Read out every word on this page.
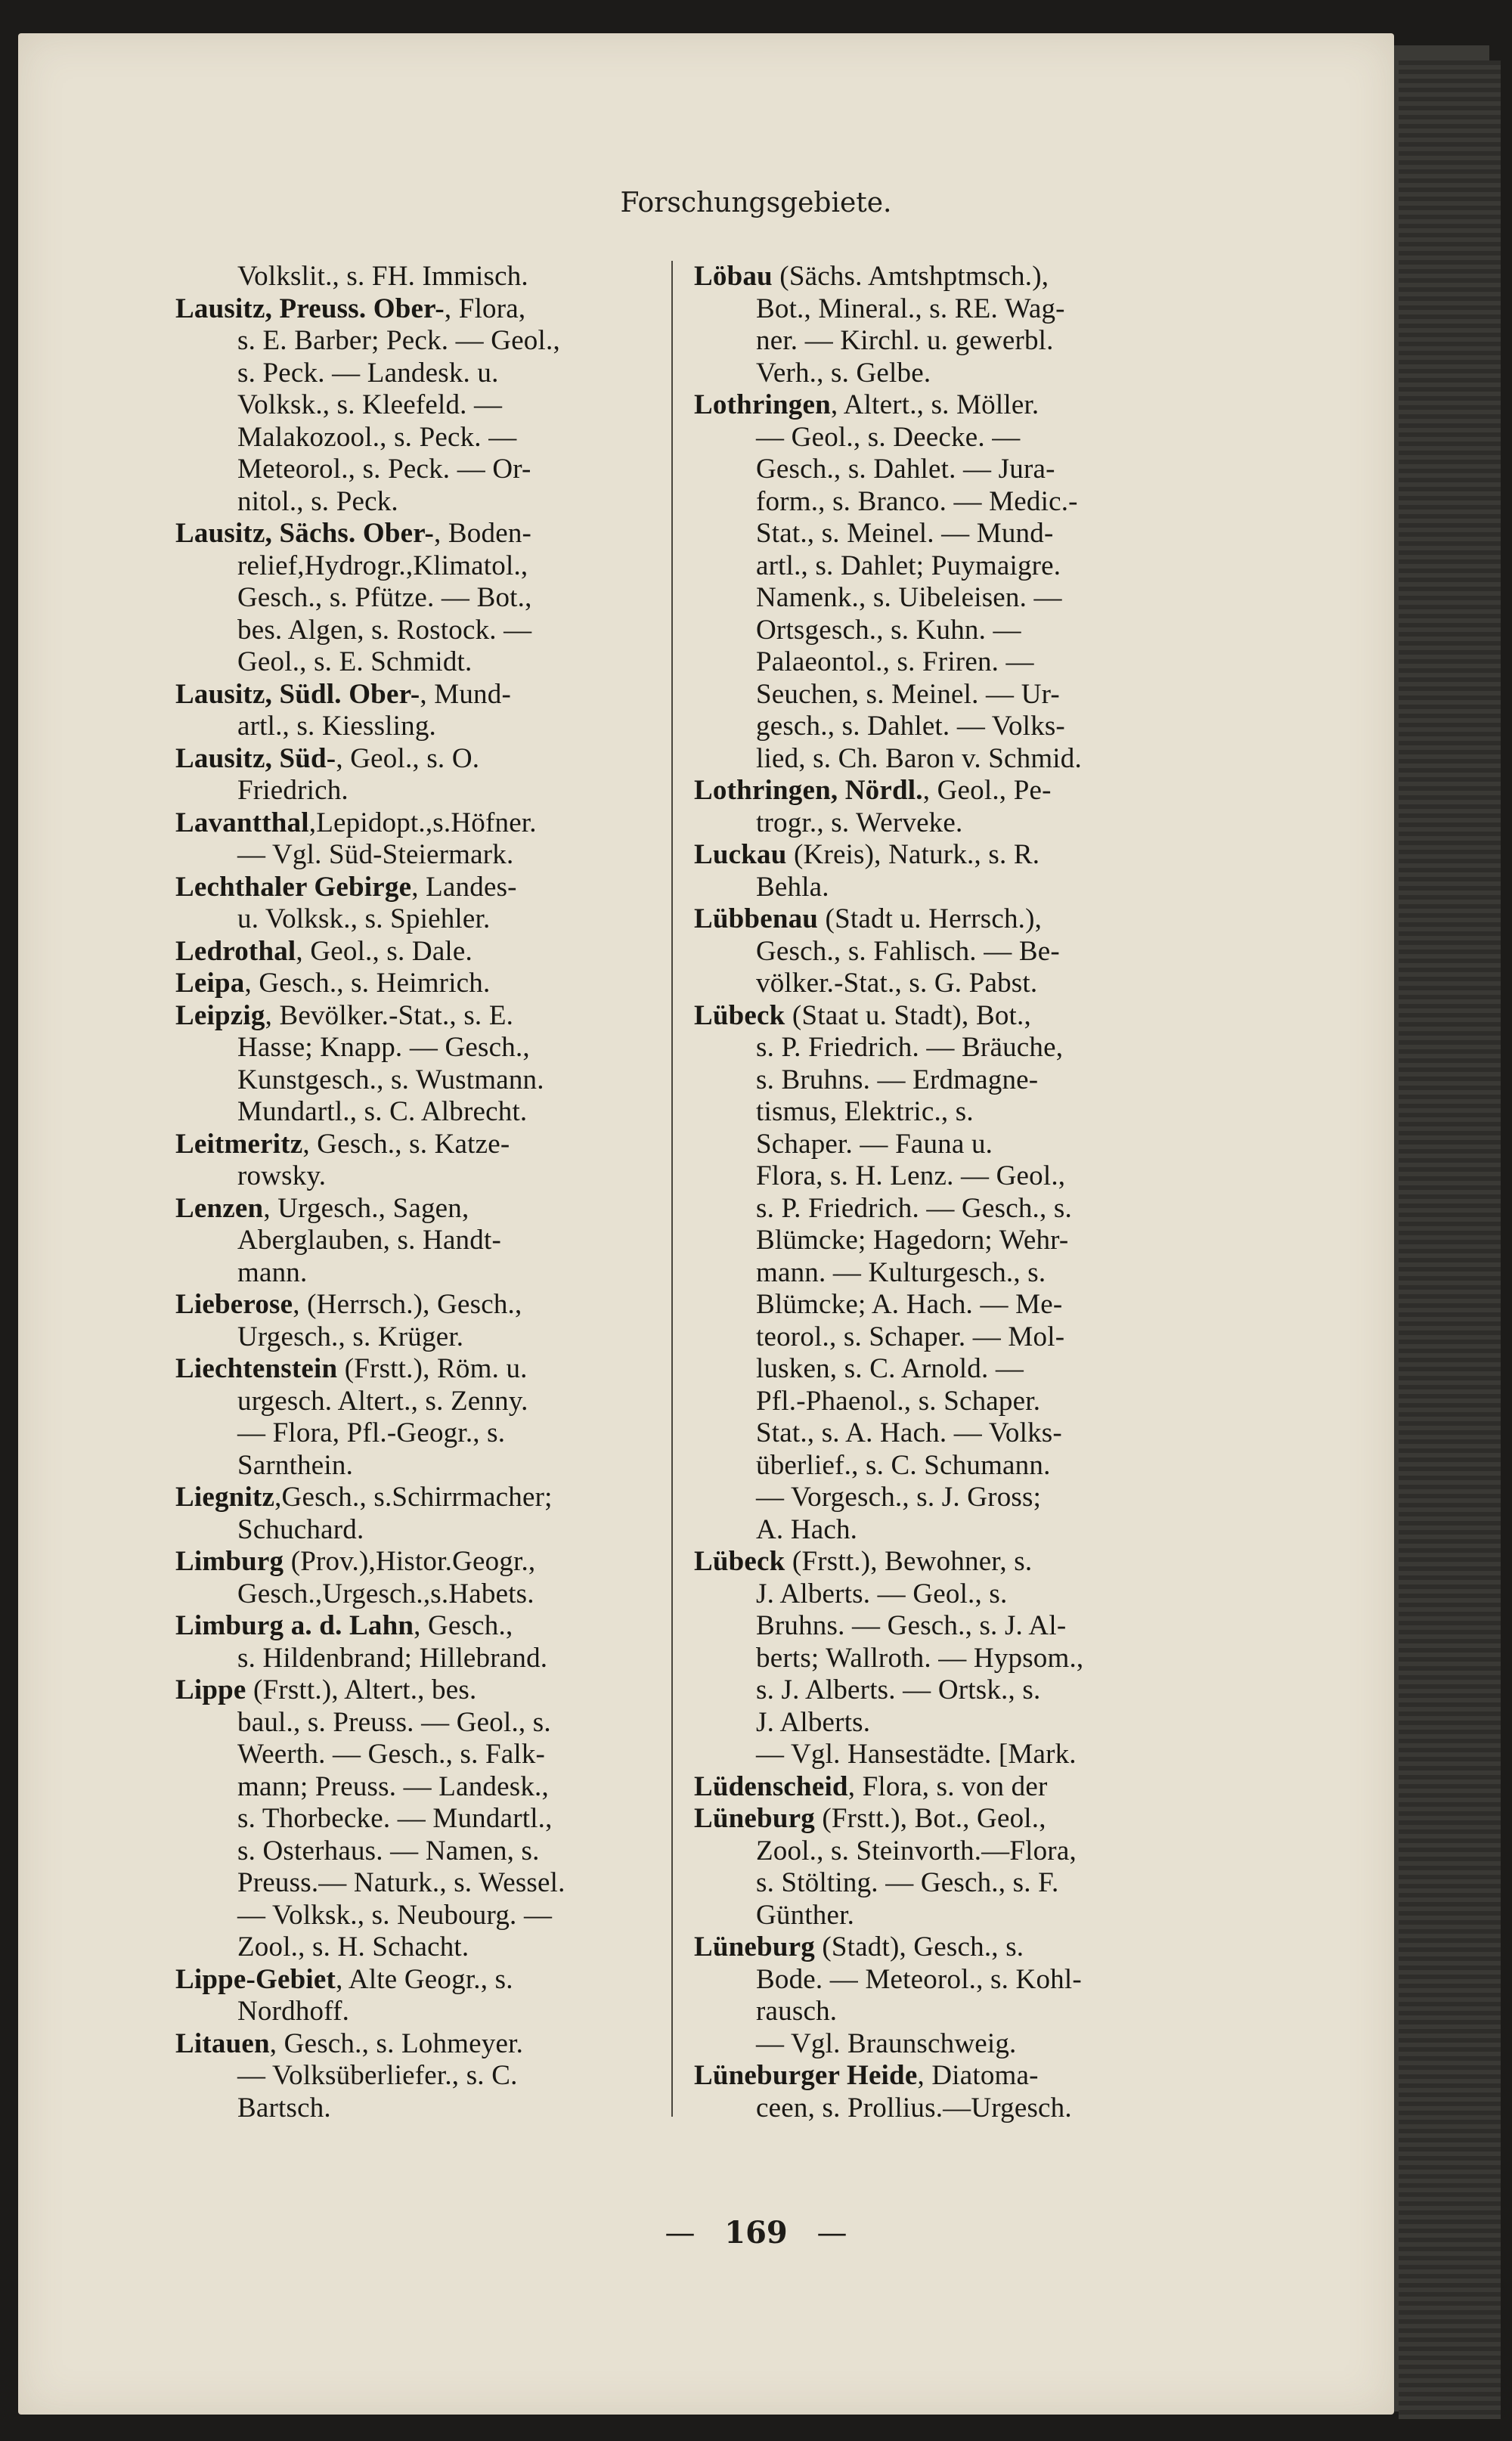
Forschungsgebiete.
Volkslit., s. FH. Immisch.
Lausitz, Preuss. Ober-, Flora,
s. E. Barber; Peck. — Geol.,
s. Peck. — Landesk. u.
Volksk., s. Kleefeld. —
Malakozool., s. Peck. —
Meteorol., s. Peck. — Or-
nitol., s. Peck.
Lausitz, Sächs. Ober-, Boden-
relief,Hydrogr.,Klimatol.,
Gesch., s. Pfütze. — Bot.,
bes. Algen, s. Rostock. —
Geol., s. E. Schmidt.
Lausitz, Südl. Ober-, Mund-
artl., s. Kiessling.
Lausitz, Süd-, Geol., s. O.
Friedrich.
Lavantthal,Lepidopt.,s.Höfner.
— Vgl. Süd-Steiermark.
Lechthaler Gebirge, Landes-
u. Volksk., s. Spiehler.
Ledrothal, Geol., s. Dale.
Leipa, Gesch., s. Heimrich.
Leipzig, Bevölker.-Stat., s. E.
Hasse; Knapp. — Gesch.,
Kunstgesch., s. Wustmann.
Mundartl., s. C. Albrecht.
Leitmeritz, Gesch., s. Katze-
rowsky.
Lenzen, Urgesch., Sagen,
Aberglauben, s. Handt-
mann.
Lieberose, (Herrsch.), Gesch.,
Urgesch., s. Krüger.
Liechtenstein (Frstt.), Röm. u.
urgesch. Altert., s. Zenny.
— Flora, Pfl.-Geogr., s.
Sarnthein.
Liegnitz,Gesch., s.Schirrmacher;
Schuchard.
Limburg (Prov.),Histor.Geogr.,
Gesch.,Urgesch.,s.Habets.
Limburg a. d. Lahn, Gesch.,
s. Hildenbrand; Hillebrand.
Lippe (Frstt.), Altert., bes.
baul., s. Preuss. — Geol., s.
Weerth. — Gesch., s. Falk-
mann; Preuss. — Landesk.,
s. Thorbecke. — Mundartl.,
s. Osterhaus. — Namen, s.
Preuss.— Naturk., s. Wessel.
— Volksk., s. Neubourg. —
Zool., s. H. Schacht.
Lippe-Gebiet, Alte Geogr., s.
Nordhoff.
Litauen, Gesch., s. Lohmeyer.
— Volksüberliefer., s. C.
Bartsch.
Löbau (Sächs. Amtshptmsch.),
Bot., Mineral., s. RE. Wag-
ner. — Kirchl. u. gewerbl.
Verh., s. Gelbe.
Lothringen, Altert., s. Möller.
— Geol., s. Deecke. —
Gesch., s. Dahlet. — Jura-
form., s. Branco. — Medic.-
Stat., s. Meinel. — Mund-
artl., s. Dahlet; Puymaigre.
Namenk., s. Uibeleisen. —
Ortsgesch., s. Kuhn. —
Palaeontol., s. Friren. —
Seuchen, s. Meinel. — Ur-
gesch., s. Dahlet. — Volks-
lied, s. Ch. Baron v. Schmid.
Lothringen, Nördl., Geol., Pe-
trogr., s. Werveke.
Luckau (Kreis), Naturk., s. R.
Behla.
Lübbenau (Stadt u. Herrsch.),
Gesch., s. Fahlisch. — Be-
völker.-Stat., s. G. Pabst.
Lübeck (Staat u. Stadt), Bot.,
s. P. Friedrich. — Bräuche,
s. Bruhns. — Erdmagne-
tismus, Elektric., s.
Schaper. — Fauna u.
Flora, s. H. Lenz. — Geol.,
s. P. Friedrich. — Gesch., s.
Blümcke; Hagedorn; Wehr-
mann. — Kulturgesch., s.
Blümcke; A. Hach. — Me-
teorol., s. Schaper. — Mol-
lusken, s. C. Arnold. —
Pfl.-Phaenol., s. Schaper.
Stat., s. A. Hach. — Volks-
überlief., s. C. Schumann.
— Vorgesch., s. J. Gross;
A. Hach.
Lübeck (Frstt.), Bewohner, s.
J. Alberts. — Geol., s.
Bruhns. — Gesch., s. J. Al-
berts; Wallroth. — Hypsom.,
s. J. Alberts. — Ortsk., s.
J. Alberts.
— Vgl. Hansestädte. [Mark.
Lüdenscheid, Flora, s. von der
Lüneburg (Frstt.), Bot., Geol.,
Zool., s. Steinvorth.—Flora,
s. Stölting. — Gesch., s. F.
Günther.
Lüneburg (Stadt), Gesch., s.
Bode. — Meteorol., s. Kohl-
rausch.
— Vgl. Braunschweig.
Lüneburger Heide, Diatoma-
ceen, s. Prollius.—Urgesch.
— 169 —
